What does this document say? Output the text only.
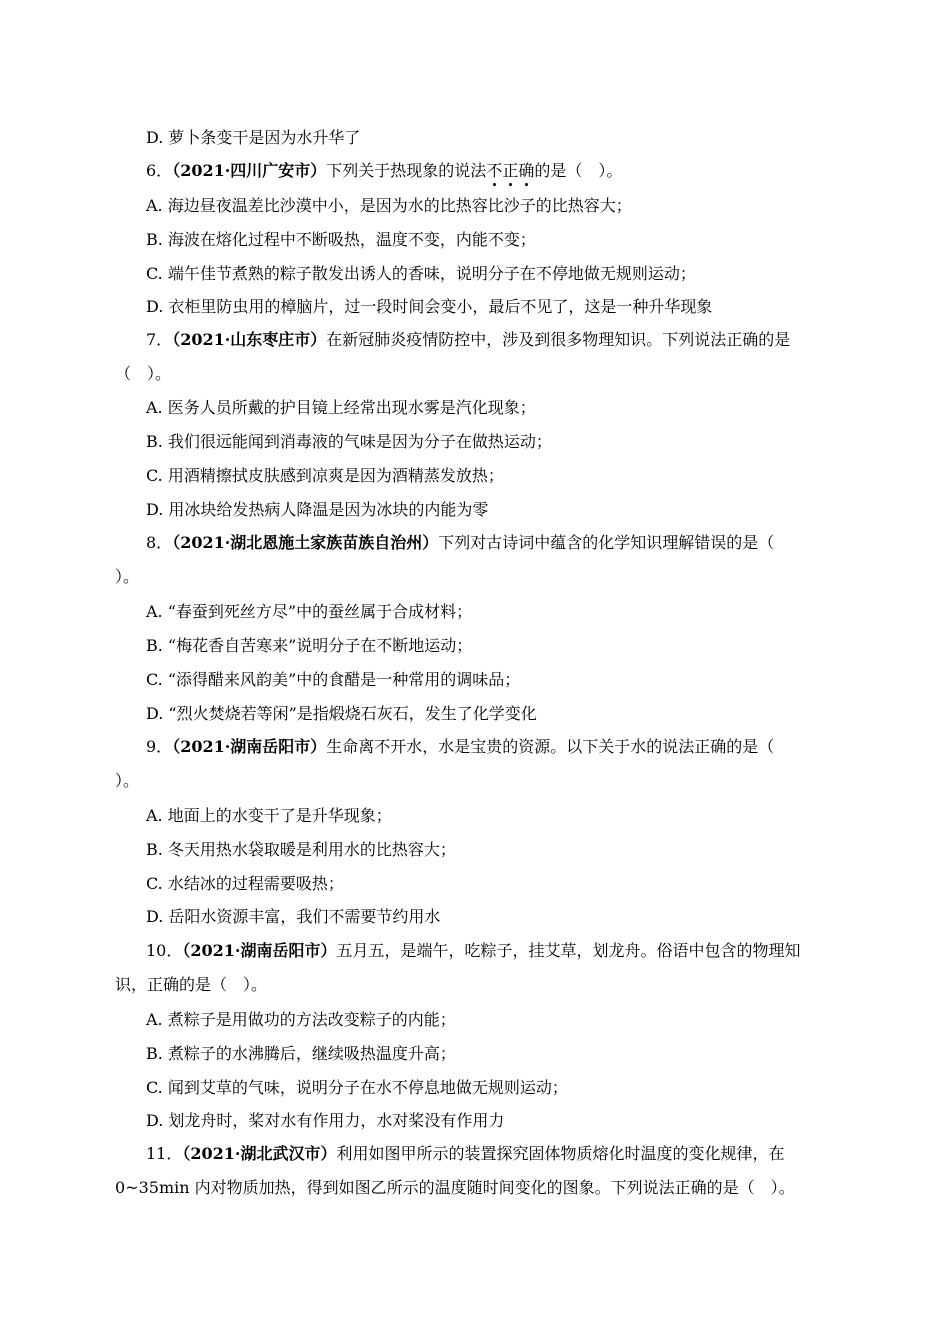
D. 萝卜条变干是因为水升华了
6．（2021·四川广安市）下列关于热现象的说法不正确的是（　）。
A. 海边昼夜温差比沙漠中小，是因为水的比热容比沙子的比热容大；
B. 海波在熔化过程中不断吸热，温度不变，内能不变；
C. 端午佳节煮熟的粽子散发出诱人的香味，说明分子在不停地做无规则运动；
D. 衣柜里防虫用的樟脑片，过一段时间会变小，最后不见了，这是一种升华现象
7．（2021·山东枣庄市）在新冠肺炎疫情防控中，涉及到很多物理知识。下列说法正确的是
（　）。
A. 医务人员所戴的护目镜上经常出现水雾是汽化现象；
B. 我们很远能闻到消毒液的气味是因为分子在做热运动；
C. 用酒精擦拭皮肤感到凉爽是因为酒精蒸发放热；
D. 用冰块给发热病人降温是因为冰块的内能为零
8．（2021·湖北恩施土家族苗族自治州）下列对古诗词中蕴含的化学知识理解错误的是（
）。
A. “春蚕到死丝方尽”中的蚕丝属于合成材料；
B. “梅花香自苦寒来”说明分子在不断地运动；
C. “添得醋来风韵美”中的食醋是一种常用的调味品；
D. “烈火焚烧若等闲”是指煅烧石灰石，发生了化学变化
9．（2021·湖南岳阳市）生命离不开水，水是宝贵的资源。以下关于水的说法正确的是（
）。
A. 地面上的水变干了是升华现象；
B. 冬天用热水袋取暖是利用水的比热容大；
C. 水结冰的过程需要吸热；
D. 岳阳水资源丰富，我们不需要节约用水
10．（2021·湖南岳阳市）五月五，是端午，吃粽子，挂艾草，划龙舟。俗语中包含的物理知
识，正确的是（　）。
A. 煮粽子是用做功的方法改变粽子的内能；
B. 煮粽子的水沸腾后，继续吸热温度升高；
C. 闻到艾草的气味，说明分子在水不停息地做无规则运动；
D. 划龙舟时，桨对水有作用力，水对桨没有作用力
11．（2021·湖北武汉市）利用如图甲所示的装置探究固体物质熔化时温度的变化规律，在
0~35min 内对物质加热，得到如图乙所示的温度随时间变化的图象。下列说法正确的是（　）。
